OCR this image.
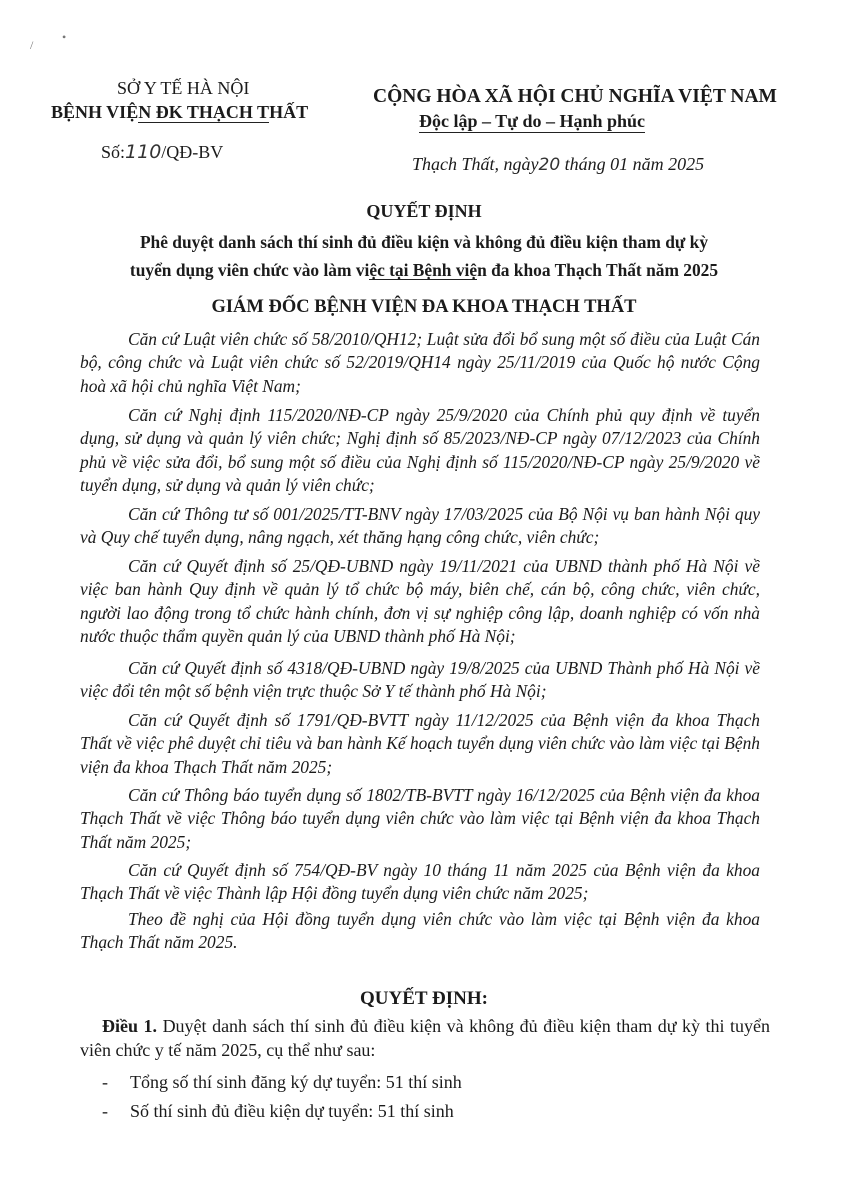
/
•
SỞ Y TẾ HÀ NỘI
BỆNH VIỆN ĐK THẠCH THẤT
Số:110/QĐ-BV
CỘNG HÒA XÃ HỘI CHỦ NGHĨA VIỆT NAM
Độc lập – Tự do – Hạnh phúc
Thạch Thất, ngày20 tháng 01 năm 2025
QUYẾT ĐỊNH
Phê duyệt danh sách thí sinh đủ điều kiện và không đủ điều kiện tham dự kỳ
tuyển dụng viên chức vào làm việc tại Bệnh viện đa khoa Thạch Thất năm 2025
GIÁM ĐỐC BỆNH VIỆN ĐA KHOA THẠCH THẤT
Căn cứ Luật viên chức số 58/2010/QH12; Luật sửa đổi bổ sung một số điều của Luật Cán bộ, công chức và Luật viên chức số 52/2019/QH14 ngày 25/11/2019 của Quốc hộ nước Cộng hoà xã hội chủ nghĩa Việt Nam;
Căn cứ Nghị định 115/2020/NĐ-CP ngày 25/9/2020 của Chính phủ quy định về tuyển dụng, sử dụng và quản lý viên chức; Nghị định số 85/2023/NĐ-CP ngày 07/12/2023 của Chính phủ về việc sửa đổi, bổ sung một số điều của Nghị định số 115/2020/NĐ-CP ngày 25/9/2020 về tuyển dụng, sử dụng và quản lý viên chức;
Căn cứ Thông tư số 001/2025/TT-BNV ngày 17/03/2025 của Bộ Nội vụ ban hành Nội quy và Quy chế tuyển dụng, nâng ngạch, xét thăng hạng công chức, viên chức;
Căn cứ Quyết định số 25/QĐ-UBND ngày 19/11/2021 của UBND thành phố Hà Nội về việc ban hành Quy định về quản lý tổ chức bộ máy, biên chế, cán bộ, công chức, viên chức, người lao động trong tổ chức hành chính, đơn vị sự nghiệp công lập, doanh nghiệp có vốn nhà nước thuộc thẩm quyền quản lý của UBND thành phố Hà Nội;
Căn cứ Quyết định số 4318/QĐ-UBND ngày 19/8/2025 của UBND Thành phố Hà Nội về việc đổi tên một số bệnh viện trực thuộc Sở Y tế thành phố Hà Nội;
Căn cứ Quyết định số 1791/QĐ-BVTT ngày 11/12/2025 của Bệnh viện đa khoa Thạch Thất về việc phê duyệt chỉ tiêu và ban hành Kế hoạch tuyển dụng viên chức vào làm việc tại Bệnh viện đa khoa Thạch Thất năm 2025;
Căn cứ Thông báo tuyển dụng số 1802/TB-BVTT ngày 16/12/2025 của Bệnh viện đa khoa Thạch Thất về việc Thông báo tuyển dụng viên chức vào làm việc tại Bệnh viện đa khoa Thạch Thất năm 2025;
Căn cứ Quyết định số 754/QĐ-BV ngày 10 tháng 11 năm 2025 của Bệnh viện đa khoa Thạch Thất về việc Thành lập Hội đồng tuyển dụng viên chức năm 2025;
Theo đề nghị của Hội đồng tuyển dụng viên chức vào làm việc tại Bệnh viện đa khoa Thạch Thất năm 2025.
QUYẾT ĐỊNH:
Điều 1. Duyệt danh sách thí sinh đủ điều kiện và không đủ điều kiện tham dự kỳ thi tuyển viên chức y tế năm 2025, cụ thể như sau:
- Tổng số thí sinh đăng ký dự tuyển: 51 thí sinh
- Số thí sinh đủ điều kiện dự tuyển: 51 thí sinh
